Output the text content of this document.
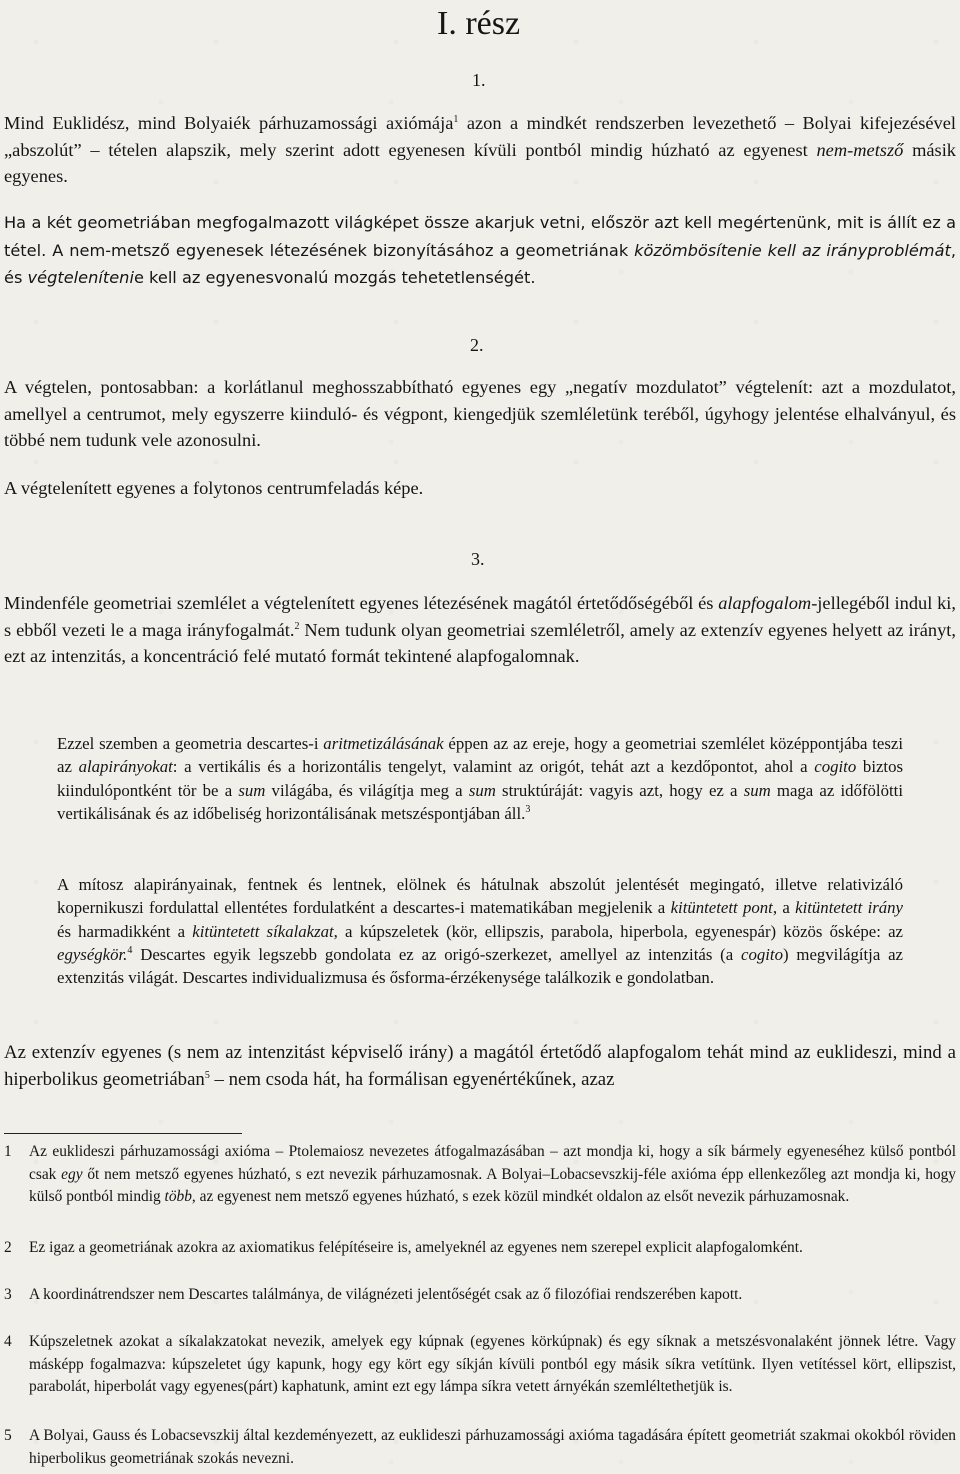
I. rész
1.

Mind Euklidész, mind Bolyaiék párhuzamossági axiómája$^1$ azon a mindkét rendszerben levezethető – Bolyai kifejezésével „abszolút” – tételen alapszik, mely szerint adott egyenesen kívüli pontból mindig húzható az egyenest nem-metsző másik egyenes.

Ha a két geometriában megfogalmazott világképet össze akarjuk vetni, először azt kell megértenünk, mit is állít ez a tétel. A nem-metsző egyenesek létezésének bizonyításához a geometriának közömbösítenie kell az irányproblémát, és végtelenítenie kell az egyenesvonalú mozgás tehetetlenségét.

2.

A végtelen, pontosabban: a korlátlanul meghosszabbítható egyenes egy „negatív mozdulatot” végtelenít: azt a mozdulatot, amellyel a centrumot, mely egyszerre kiinduló- és végpont, kiengedjük szemléletünk teréből, úgyhogy jelentése elhalványul, és többé nem tudunk vele azonosulni.

A végtelenített egyenes a folytonos centrumfeladás képe.

3.

Mindenféle geometriai szemlélet a végtelenített egyenes létezésének magától értetődőségéből és alapfogalom-jellegéből indul ki, s ebből vezeti le a maga irányfogalmát.$^2$ Nem tudunk olyan geometriai szemléletről, amely az extenzív egyenes helyett az irányt, ezt az intenzitás, a koncentráció felé mutató formát tekintené alapfogalomnak.

Ezzel szemben a geometria descartes-i aritmetizálásának éppen az az ereje, hogy a geometriai szemlélet középpontjába teszi az alapirányokat: a vertikális és a horizontális tengelyt, valamint az origót, tehát azt a kezdőpontot, ahol a cogito biztos kiindulópontként tör be a sum világába, és világítja meg a sum struktúráját: vagyis azt, hogy ez a sum maga az időfölötti vertikálisának és az időbeliség horizontálisának metszéspontjában áll.$^3$

A mítosz alapirányainak, fentnek és lentnek, elölnek és hátulnak abszolút jelentését megingató, illetve relativizáló kopernikuszi fordulattal ellentétes fordulatként a descartes-i matematikában megjelenik a kitüntetett pont, a kitüntetett irány és harmadikként a kitüntetett síkalakzat, a kúpszeletek (kör, ellipszis, parabola, hiperbola, egyenespár) közös ősképe: az egységkör.$^4$ Descartes egyik legszebb gondolata ez az origó-szerkezet, amellyel az intenzitás (a cogito) megvilágítja az extenzitás világát. Descartes individualizmusa és ősforma-érzékenysége találkozik e gondolatban.

Az extenzív egyenes (s nem az intenzitást képviselő irány) a magától értetődő alapfogalom tehát mind az euklideszi, mind a hiperbolikus geometriában$^5$ – nem csoda hát, ha formálisan egyenértékűnek, azaz

1 Az euklideszi párhuzamossági axióma – Ptolemaiosz nevezetes átfogalmazásában – azt mondja ki, hogy a sík bármely egyeneséhez külső pontból csak egy őt nem metsző egyenes húzható, s ezt nevezik párhuzamosnak. A Bolyai–Lobacsevszkij-féle axióma épp ellenkezőleg azt mondja ki, hogy külső pontból mindig több, az egyenest nem metsző egyenes húzható, s ezek közül mindkét oldalon az elsőt nevezik párhuzamosnak.

2 Ez igaz a geometriának azokra az axiomatikus felépítéseire is, amelyeknél az egyenes nem szerepel explicit alapfogalomként.

3 A koordinátrendszer nem Descartes találmánya, de világnézeti jelentőségét csak az ő filozófiai rendszerében kapott.

4 Kúpszeletnek azokat a síkalakzatokat nevezik, amelyek egy kúpnak (egyenes körkúpnak) és egy síknak a metszésvonalaként jönnek létre. Vagy másképp fogalmazva: kúpszeletet úgy kapunk, hogy egy kört egy síkján kívüli pontból egy másik síkra vetítünk. Ilyen vetítéssel kört, ellipszist, parabolát, hiperbolát vagy egyenes(párt) kaphatunk, amint ezt egy lámpa síkra vetett árnyékán szemléltethetjük is.

5 A Bolyai, Gauss és Lobacsevszkij által kezdeményezett, az euklideszi párhuzamossági axióma tagadására épített geometriát szakmai okokból röviden hiperbolikus geometriának szokás nevezni.
